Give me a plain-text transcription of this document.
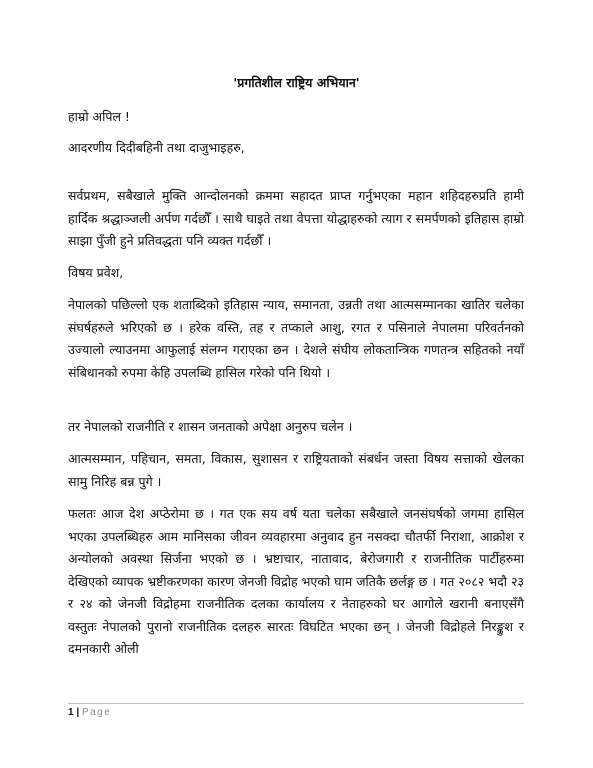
'प्रगतिशील राष्ट्रिय अभियान'
हाम्रो अपिल !
आदरणीय दिदीबहिनी तथा दाजुभाइहरु,
सर्वप्रथम, सबैखाले मुक्ति आन्दोलनको क्रममा सहादत प्राप्त गर्नुभएका महान शहिदहरुप्रति हामी हार्दिक श्रद्धाञ्जली अर्पण गर्दछौँ । साथै घाइते तथा वेपत्ता योद्धाहरुको त्याग र समर्पणको इतिहास हाम्रो साझा पुँजी हुने प्रतिवद्धता पनि व्यक्त गर्दछौँ ।
विषय प्रवेश,
नेपालको पछिल्लो एक शताब्दिको इतिहास न्याय, समानता, उन्नती तथा आत्मसम्मानका खातिर चलेका संघर्षहरुले भरिएको छ । हरेक वस्ति, तह र तप्काले आशु, रगत र पसिनाले नेपालमा परिवर्तनको उज्यालो ल्याउनमा आफुलाई संलग्न गराएका छन । देशले संघीय लोकतान्त्रिक गणतन्त्र सहितको नयाँ संबिधानको रुपमा केहि उपलब्धि हासिल गरेको पनि थियो ।
तर नेपालको राजनीति र शासन जनताको अपेक्षा अनुरुप चलेन ।
आत्मसम्मान, पहिचान, समता, विकास, सुशासन र राष्ट्रियताको संबर्धन जस्ता विषय सत्ताको खेलका सामु निरिह बन्न पुगे ।
फलतः आज देश अप्ठेरोमा छ । गत एक सय वर्ष यता चलेका सबैखाले जनसंघर्षको जगमा हासिल भएका उपलब्धिहरु आम मानिसका जीवन व्यवहारमा अनुवाद हुन नसक्दा चौतर्फी निराशा, आक्रोश र अन्योलको अवस्था सिर्जना भएको छ । भ्रष्टाचार, नातावाद, बेरोजगारी र राजनीतिक पार्टीहरुमा देखिएको व्यापक भ्रष्टीकरणका कारण जेनजी विद्रोह भएको घाम जतिकै छर्लङ्ग छ । गत २०८२ भदौ २३ र २४ को जेनजी विद्रोहमा राजनीतिक दलका कार्यालय र नेताहरुको घर आगोले खरानी बनाएसँगै वस्तुतः नेपालको पुरानो राजनीतिक दलहरु सारतः विघटित भएका छन् । जेनजी विद्रोहले निरङ्कुश र दमनकारी ओली
1 | Page
